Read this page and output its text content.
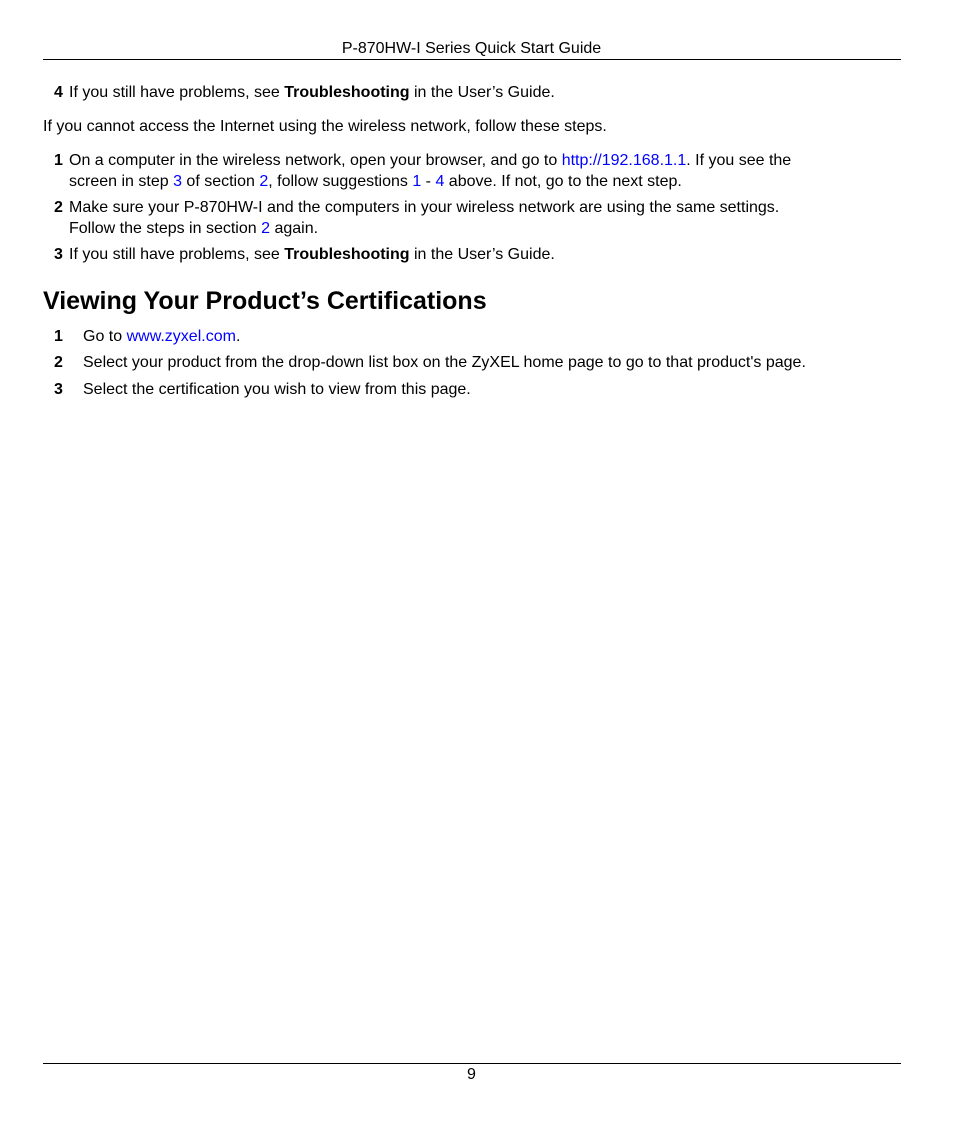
P-870HW-I Series Quick Start Guide
4 If you still have problems, see Troubleshooting in the User’s Guide.
If you cannot access the Internet using the wireless network, follow these steps.
1 On a computer in the wireless network, open your browser, and go to http://192.168.1.1. If you see the
screen in step 3 of section 2, follow suggestions 1 - 4 above. If not, go to the next step.
2 Make sure your P-870HW-I and the computers in your wireless network are using the same settings.
Follow the steps in section 2 again.
3 If you still have problems, see Troubleshooting in the User’s Guide.
1 Go to www.zyxel.com.
2 Select your product from the drop-down list box on the ZyXEL home page to go to that product's page.
3 Select the certification you wish to view from this page.
Viewing Your Product’s Certifications
9
